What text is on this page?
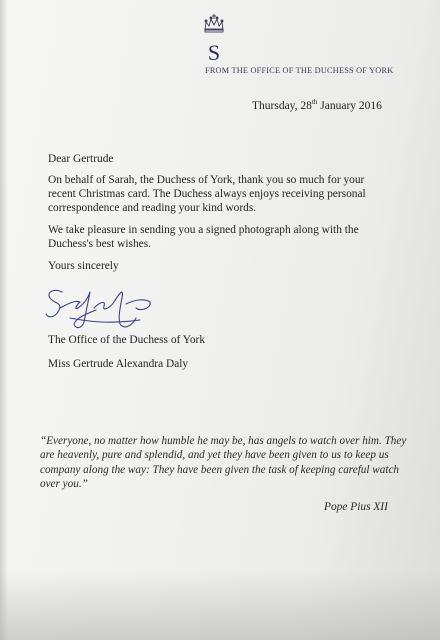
S
FROM THE OFFICE OF THE DUCHESS OF YORK
Thursday, 28th January 2016
Dear Gertrude
On behalf of Sarah, the Duchess of York, thank you so much for your recent Christmas card. The Duchess always enjoys receiving personal correspondence and reading your kind words.
We take pleasure in sending you a signed photograph along with the Duchess's best wishes.
Yours sincerely
The Office of the Duchess of York
Miss Gertrude Alexandra Daly
“Everyone, no matter how humble he may be, has angels to watch over him. They are heavenly, pure and splendid, and yet they have been given to us to keep us company along the way: They have been given the task of keeping careful watch over you.”
Pope Pius XII
